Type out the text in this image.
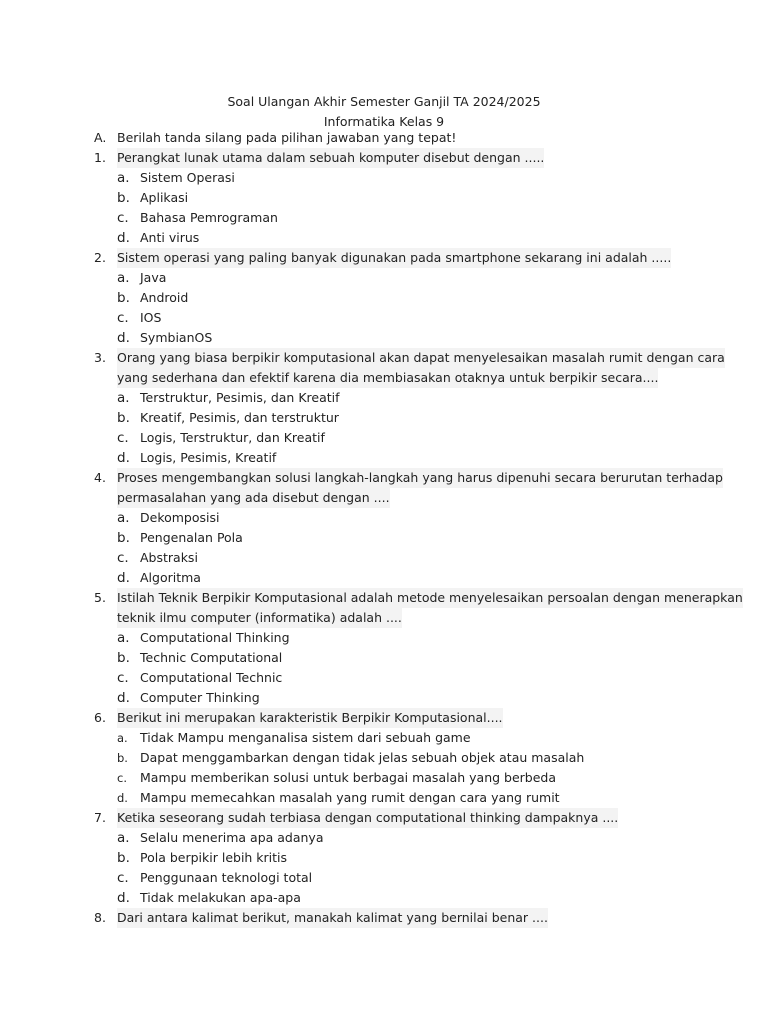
Soal Ulangan Akhir Semester Ganjil TA 2024/2025
Informatika Kelas 9
A. Berilah tanda silang pada pilihan jawaban yang tepat!
1. Perangkat lunak utama dalam sebuah komputer disebut dengan .....
a. Sistem Operasi
b. Aplikasi
c. Bahasa Pemrograman
d. Anti virus
2. Sistem operasi yang paling banyak digunakan pada smartphone sekarang ini adalah .....
a. Java
b. Android
c. IOS
d. SymbianOS
3. Orang yang biasa berpikir komputasional akan dapat menyelesaikan masalah rumit dengan cara
yang sederhana dan efektif karena dia membiasakan otaknya untuk berpikir secara....
a. Terstruktur, Pesimis, dan Kreatif
b. Kreatif, Pesimis, dan terstruktur
c. Logis, Terstruktur, dan Kreatif
d. Logis, Pesimis, Kreatif
4. Proses mengembangkan solusi langkah-langkah yang harus dipenuhi secara berurutan terhadap
permasalahan yang ada disebut dengan ....
a. Dekomposisi
b. Pengenalan Pola
c. Abstraksi
d. Algoritma
5. Istilah Teknik Berpikir Komputasional adalah metode menyelesaikan persoalan dengan menerapkan
teknik ilmu computer (informatika) adalah ....
a. Computational Thinking
b. Technic Computational
c. Computational Technic
d. Computer Thinking
6. Berikut ini merupakan karakteristik Berpikir Komputasional....
a. Tidak Mampu menganalisa sistem dari sebuah game
b. Dapat menggambarkan dengan tidak jelas sebuah objek atau masalah
c. Mampu memberikan solusi untuk berbagai masalah yang berbeda
d. Mampu memecahkan masalah yang rumit dengan cara yang rumit
7. Ketika seseorang sudah terbiasa dengan computational thinking dampaknya ....
a. Selalu menerima apa adanya
b. Pola berpikir lebih kritis
c. Penggunaan teknologi total
d. Tidak melakukan apa-apa
8. Dari antara kalimat berikut, manakah kalimat yang bernilai benar ....
